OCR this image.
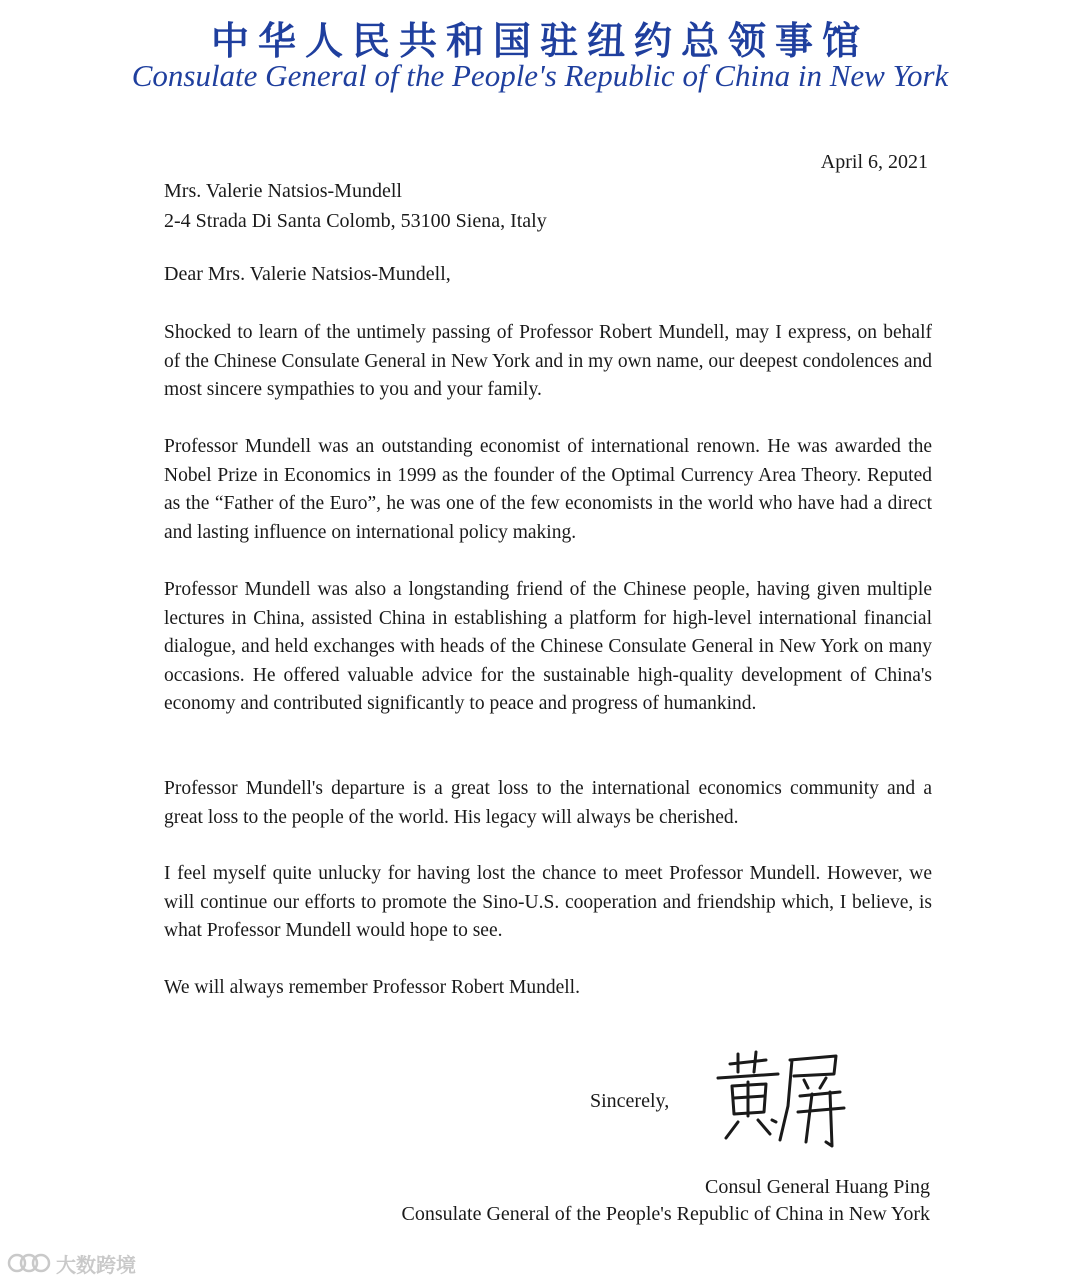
中华人民共和国驻纽约总领事馆
Consulate General of the People's Republic of China in New York
April 6, 2021
Mrs. Valerie Natsios-Mundell
2-4 Strada Di Santa Colomb, 53100 Siena, Italy
Dear Mrs. Valerie Natsios-Mundell,

Shocked to learn of the untimely passing of Professor Robert Mundell, may I express, on behalf of the Chinese Consulate General in New York and in my own name, our deepest condolences and most sincere sympathies to you and your family.

Professor Mundell was an outstanding economist of international renown. He was awarded the Nobel Prize in Economics in 1999 as the founder of the Optimal Currency Area Theory. Reputed as the “Father of the Euro”, he was one of the few economists in the world who have had a direct and lasting influence on international policy making.

Professor Mundell was also a longstanding friend of the Chinese people, having given multiple lectures in China, assisted China in establishing a platform for high-level international financial dialogue, and held exchanges with heads of the Chinese Consulate General in New York on many occasions. He offered valuable advice for the sustainable high-quality development of China's economy and contributed significantly to peace and progress of humankind.

Professor Mundell's departure is a great loss to the international economics community and a great loss to the people of the world. His legacy will always be cherished.

I feel myself quite unlucky for having lost the chance to meet Professor Mundell. However, we will continue our efforts to promote the Sino-U.S. cooperation and friendship which, I believe, is what Professor Mundell would hope to see.

We will always remember Professor Robert Mundell.

Sincerely,
Consul General Huang Ping
Consulate General of the People's Republic of China in New York
大数跨境
